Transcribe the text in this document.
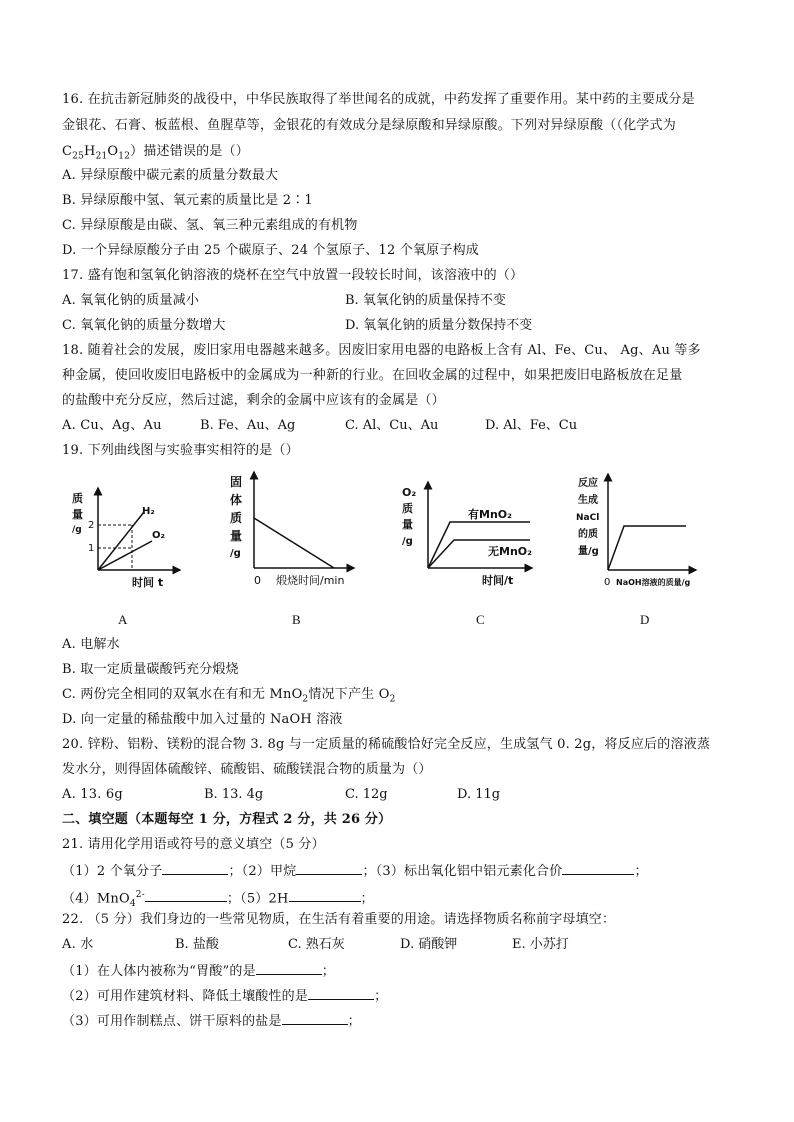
16. 在抗击新冠肺炎的战役中，中华民族取得了举世闻名的成就，中药发挥了重要作用。某中药的主要成分是
金银花、石膏、板蓝根、鱼腥草等，金银花的有效成分是绿原酸和异绿原酸。下列对异绿原酸（（化学式为
$C_{25}H_{21}O_{12}$）描述错误的是（）
A. 异绿原酸中碳元素的质量分数最大
B. 异绿原酸中氢、氧元素的质量比是 2∶1
C. 异绿原酸是由碳、氢、氧三种元素组成的有机物
D. 一个异绿原酸分子由 25 个碳原子、24 个氢原子、12 个氧原子构成
17. 盛有饱和氢氧化钠溶液的烧杯在空气中放置一段较长时间，该溶液中的（）
A. 氧氧化钠的质量减小	B. 氧氧化钠的质量保持不变
C. 氧氧化钠的质量分数增大	D. 氧氧化钠的质量分数保持不变
18. 随着社会的发展，废旧家用电器越来越多。因废旧家用电器的电路板上含有 Al、Fe、Cu、 Ag、Au 等多
种金属，使回收废旧电路板中的金属成为一种新的行业。在回收金属的过程中，如果把废旧电路板放在足量
的盐酸中充分反应，然后过滤，剩余的金属中应该有的金属是（）
A. Cu、Ag、Au	B. Fe、Au、Ag	C. Al、Cu、Au	D. Al、Fe、Cu
19. 下列曲线图与实验事实相符的是（）
质
量
/g 2
1
H₂
O₂
时间 t
固
体
质
量
/g
0 煅烧时间/min
O₂
质
量
/g
有MnO₂
无MnO₂
时间/t
反应
生成
NaCl
的质
量/g
0 NaOH溶液的质量/g
A	B	C	D
A. 电解水
B. 取一定质量碳酸钙充分煅烧
C. 两份完全相同的双氧水在有和无 MnO$_2$情况下产生 $O_2$
D. 向一定量的稀盐酸中加入过量的 NaOH 溶液
20. 锌粉、铝粉、镁粉的混合物 3. 8g 与一定质量的稀硫酸恰好完全反应，生成氢气 0. 2g，将反应后的溶液蒸
发水分，则得固体硫酸锌、硫酸铝、硫酸镁混合物的质量为（）
A. 13. 6g	B. 13. 4g	C. 12g	D. 11g
二、填空题（本题每空 1 分，方程式 2 分，共 26 分）
21. 请用化学用语或符号的意义填空（5 分）
（1）2 个氧分子	；（2）甲烷	；（3）标出氧化铝中铝元素化合价	；
（4）MnO$_4^{2-}$	；（5）2H	；
22. （5 分）我们身边的一些常见物质，在生活有着重要的用途。请选择物质名称前字母填空：
A. 水	B. 盐酸	C. 熟石灰	D. 硝酸钾	E. 小苏打
（1）在人体内被称为“胃酸”的是	；
（2）可用作建筑材料、降低土壤酸性的是	；
（3）可用作制糕点、饼干原料的盐是	；
